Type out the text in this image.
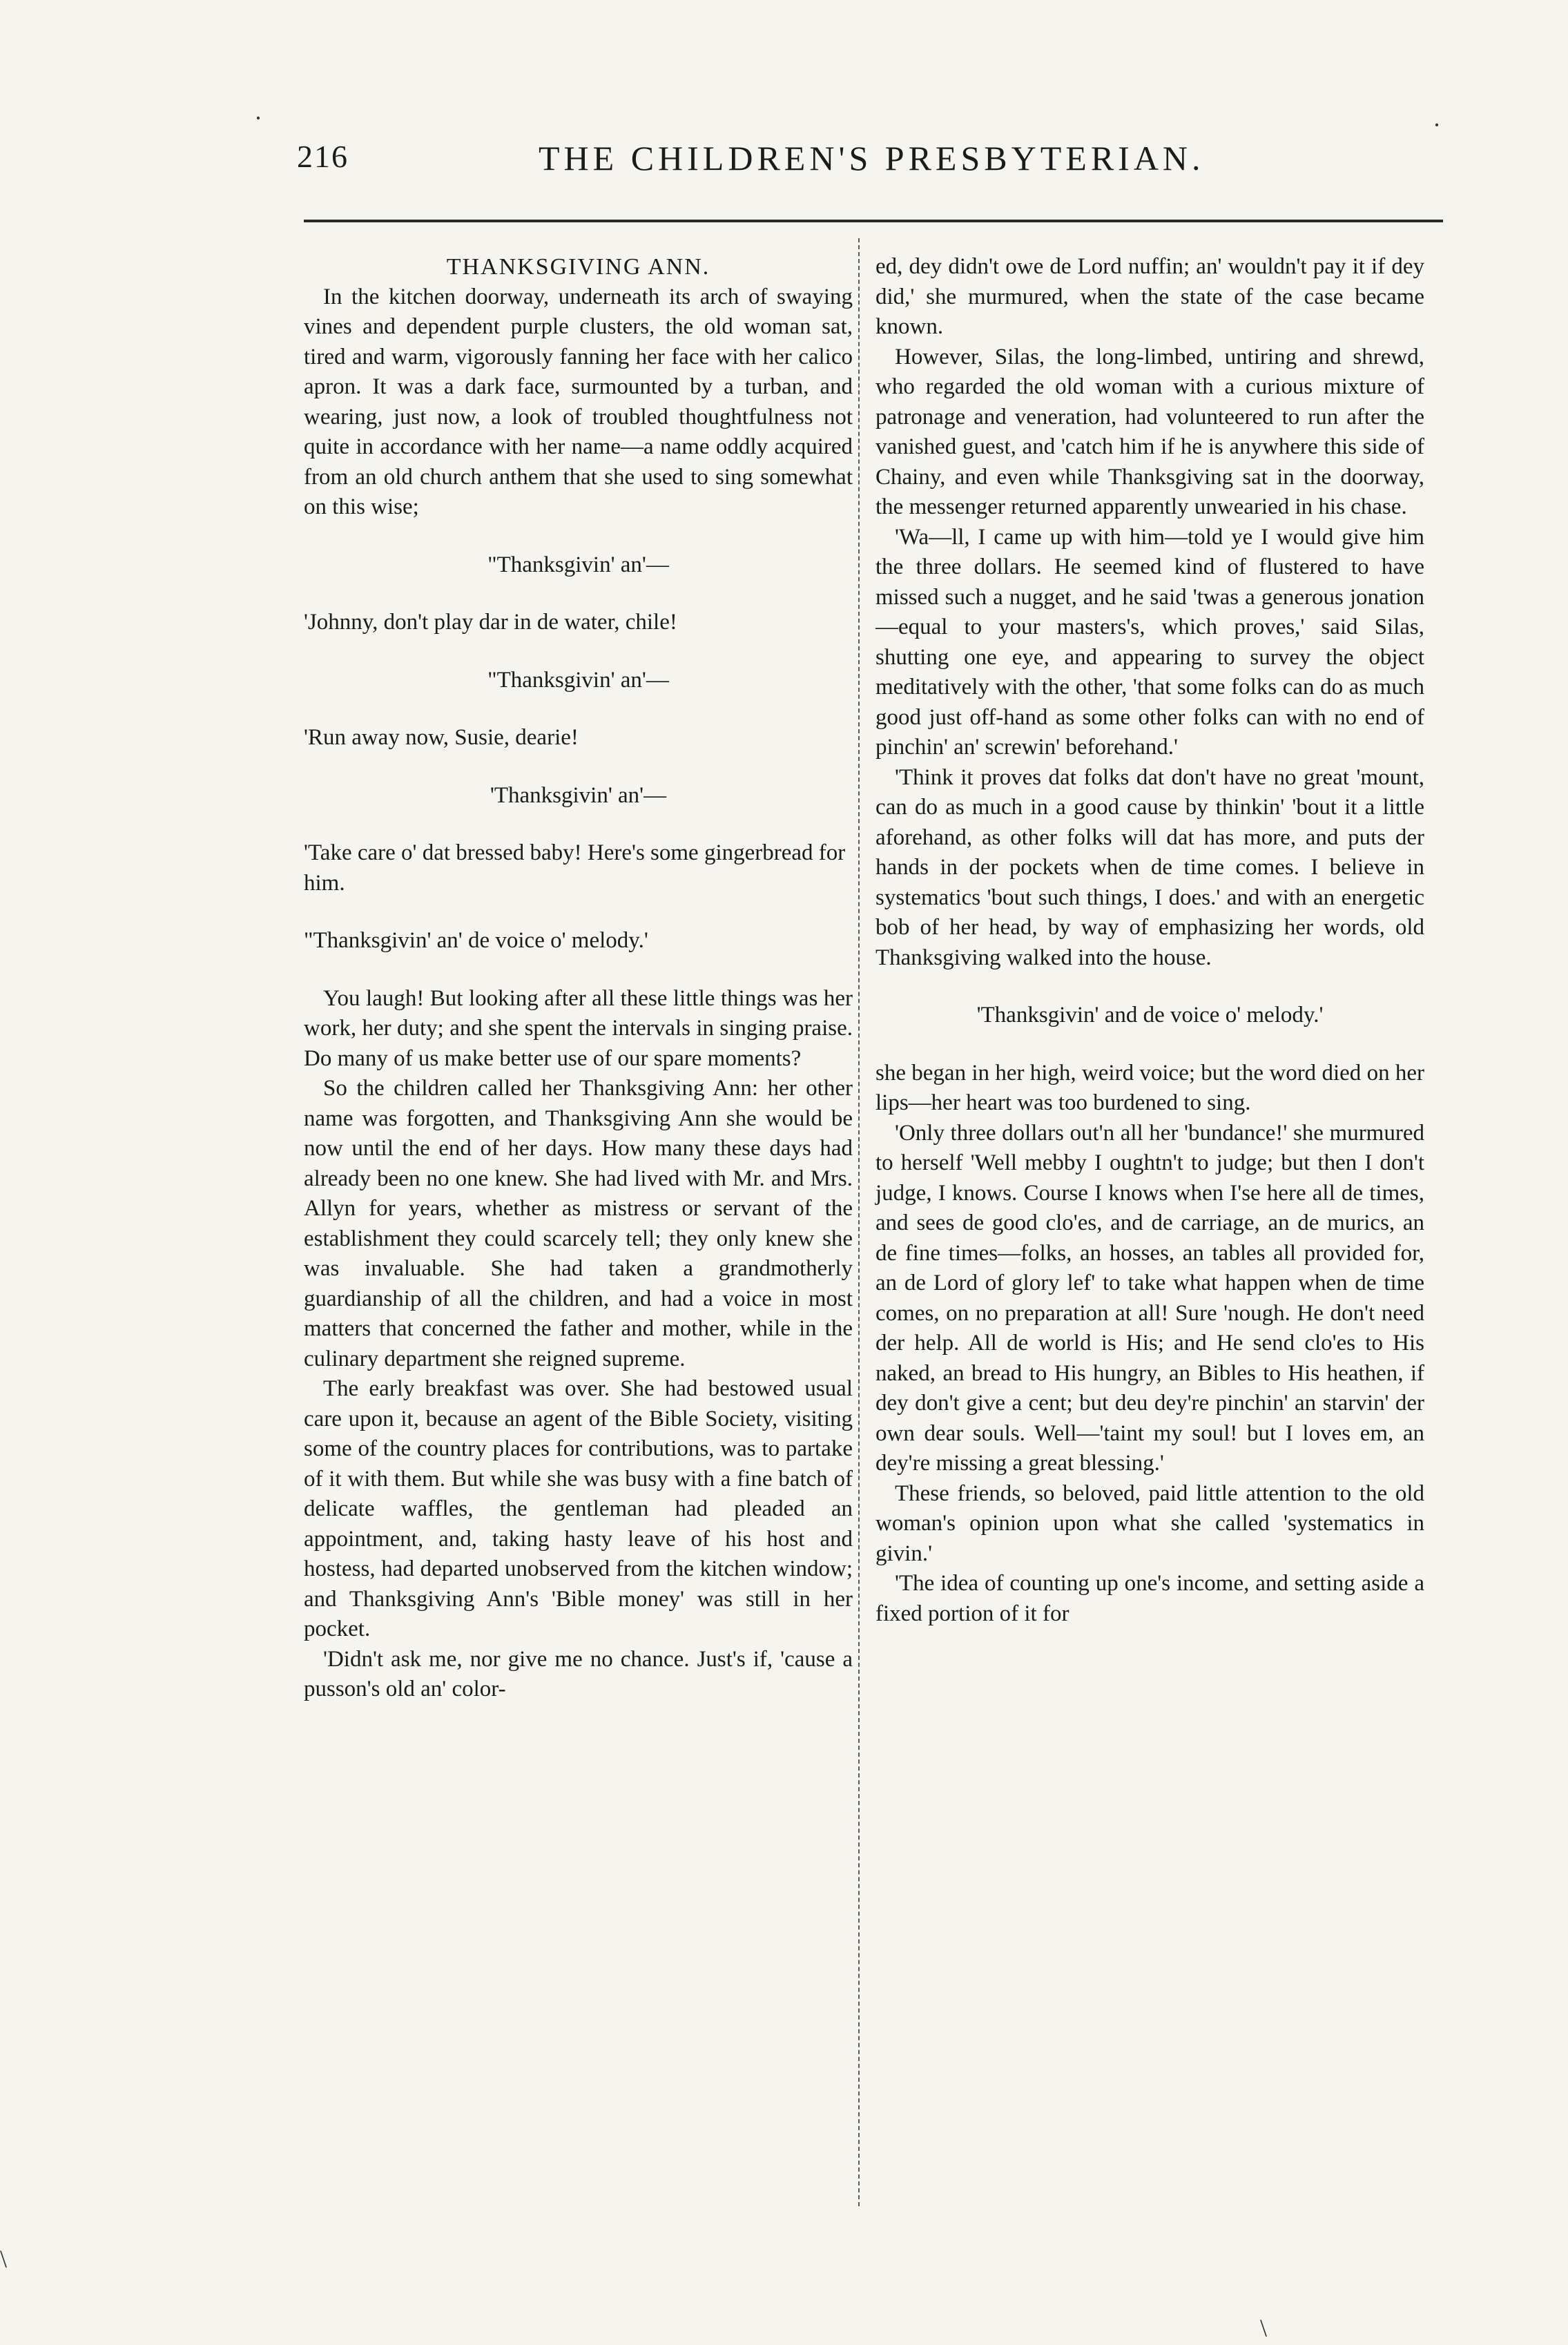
216	THE CHILDREN'S PRESBYTERIAN.

THANKSGIVING ANN.

In the kitchen doorway, underneath its arch of swaying vines and dependent purple clusters, the old woman sat, tired and warm, vigorously fanning her face with her calico apron. It was a dark face, surmounted by a turban, and wearing, just now, a look of troubled thoughtfulness not quite in accordance with her name—a name oddly acquired from an old church anthem that she used to sing somewhat on this wise;

"Thanksgivin' an'—

'Johnny, don't play dar in de water, chile!

"Thanksgivin' an'—

'Run away now, Susie, dearie!

'Thanksgivin' an'—

'Take care o' dat bressed baby! Here's some gingerbread for him.

"Thanksgivin' an' de voice o' melody.'

You laugh! But looking after all these little things was her work, her duty; and she spent the intervals in singing praise. Do many of us make better use of our spare moments?

So the children called her Thanksgiving Ann: her other name was forgotten, and Thanksgiving Ann she would be now until the end of her days. How many these days had already been no one knew. She had lived with Mr. and Mrs. Allyn for years, whether as mistress or servant of the establishment they could scarcely tell; they only knew she was invaluable. She had taken a grandmotherly guardianship of all the children, and had a voice in most matters that concerned the father and mother, while in the culinary department she reigned supreme.

The early breakfast was over. She had bestowed usual care upon it, because an agent of the Bible Society, visiting some of the country places for contributions, was to partake of it with them. But while she was busy with a fine batch of delicate waffles, the gentleman had pleaded an appointment, and, taking hasty leave of his host and hostess, had departed unobserved from the kitchen window; and Thanksgiving Ann's 'Bible money' was still in her pocket.

'Didn't ask me, nor give me no chance. Just's if, 'cause a pusson's old an' color-

ed, dey didn't owe de Lord nuffin; an' wouldn't pay it if dey did,' she murmured, when the state of the case became known.

However, Silas, the long-limbed, untiring and shrewd, who regarded the old woman with a curious mixture of patronage and veneration, had volunteered to run after the vanished guest, and 'catch him if he is anywhere this side of Chainy, and even while Thanksgiving sat in the doorway, the messenger returned apparently unwearied in his chase.

'Wa—ll, I came up with him—told ye I would give him the three dollars. He seemed kind of flustered to have missed such a nugget, and he said 'twas a generous jonation—equal to your masters's, which proves,' said Silas, shutting one eye, and appearing to survey the object meditatively with the other, 'that some folks can do as much good just off-hand as some other folks can with no end of pinchin' an' screwin' beforehand.'

'Think it proves dat folks dat don't have no great 'mount, can do as much in a good cause by thinkin' 'bout it a little aforehand, as other folks will dat has more, and puts der hands in der pockets when de time comes. I believe in systematics 'bout such things, I does.' and with an energetic bob of her head, by way of emphasizing her words, old Thanksgiving walked into the house.

'Thanksgivin' and de voice o' melody.'

she began in her high, weird voice; but the word died on her lips—her heart was too burdened to sing.

'Only three dollars out'n all her 'bundance!' she murmured to herself 'Well mebby I oughtn't to judge; but then I don't judge, I knows. Course I knows when I'se here all de times, and sees de good clo'es, and de carriage, an de murics, an de fine times—folks, an hosses, an tables all provided for, an de Lord of glory lef' to take what happen when de time comes, on no preparation at all! Sure 'nough. He don't need der help. All de world is His; and He send clo'es to His naked, an bread to His hungry, an Bibles to His heathen, if dey don't give a cent; but deu dey're pinchin' an starvin' der own dear souls. Well—'taint my soul! but I loves em, an dey're missing a great blessing.'

These friends, so beloved, paid little attention to the old woman's opinion upon what she called 'systematics in givin.'

'The idea of counting up one's income, and setting aside a fixed portion of it for

·	·
\
\
